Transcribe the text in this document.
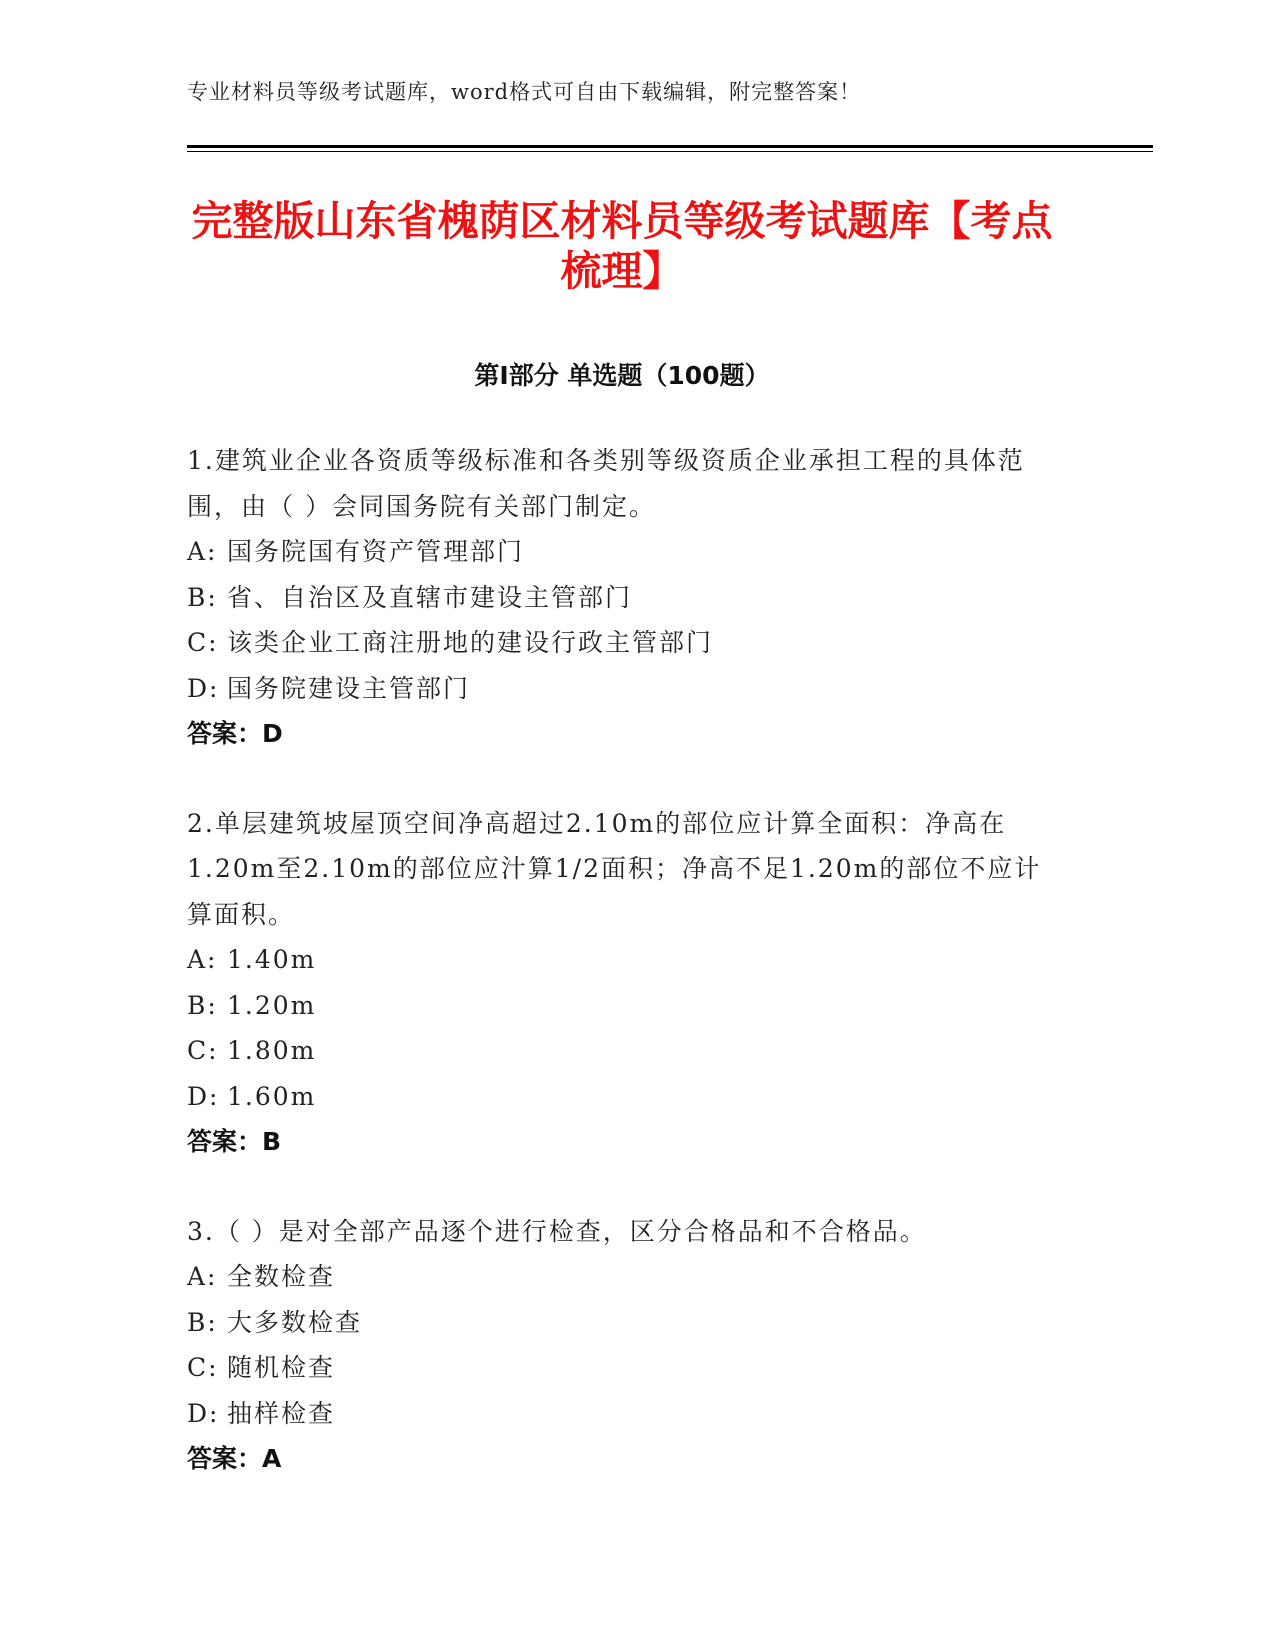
专业材料员等级考试题库，word格式可自由下载编辑，附完整答案！
完整版山东省槐荫区材料员等级考试题库【考点梳理】
第I部分 单选题（100题）

1.建筑业企业各资质等级标准和各类别等级资质企业承担工程的具体范围，由（ ）会同国务院有关部门制定。

A: 国务院国有资产管理部门

B: 省、自治区及直辖市建设主管部门

C: 该类企业工商注册地的建设行政主管部门

D: 国务院建设主管部门

答案：D

2.单层建筑坡屋顶空间净高超过2.10m的部位应计算全面积：净高在1.20m至2.10m的部位应汁算1/2面积；净高不足1.20m的部位不应计算面积。

A: 1.40m

B: 1.20m

C: 1.80m

D: 1.60m

答案：B

3.（ ）是对全部产品逐个进行检查，区分合格品和不合格品。

A: 全数检查

B: 大多数检查

C: 随机检查

D: 抽样检查

答案：A
